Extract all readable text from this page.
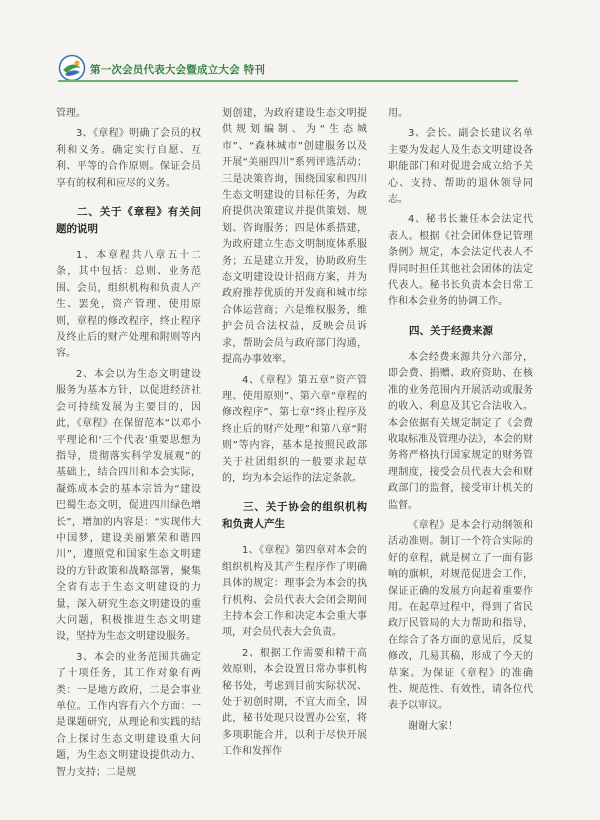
第一次会员代表大会暨成立大会 特刊

管理。

3、《章程》明确了会员的权利和义务。确定实行自愿、互利、平等的合作原则。保证会员享有的权利和应尽的义务。

二、关于《章程》有关问题的说明

1、本章程共八章五十二条，其中包括：总则、业务范围、会员，组织机构和负责人产生、罢免，资产管理、使用原则，章程的修改程序，终止程序及终止后的财产处理和附则等内容。

2、本会以为生态文明建设服务为基本方针，以促进经济社会可持续发展为主要目的，因此，《章程》在保留范本“以邓小平理论和‘三个代表’重要思想为指导，贯彻落实科学发展观”的基础上，结合四川和本会实际，凝炼成本会的基本宗旨为“建设巴蜀生态文明，促进四川绿色增长”，增加的内容是：“实现伟大中国梦，建设美丽繁荣和谐四川”，遵照党和国家生态文明建设的方针政策和战略部署，聚集全省有志于生态文明建设的力量，深入研究生态文明建设的重大问题，积极推进生态文明建设，坚持为生态文明建设服务。

3、本会的业务范围共确定了十项任务，其工作对象有两类：一是地方政府，二是会事业单位。工作内容有六个方面：一是课题研究，从理论和实践的结合上探讨生态文明建设重大问题，为生态文明建设提供动力、智力支持；二是规

划创建，为政府建设生态文明提供规划编制、为“生态城市”、“森林城市”创建服务以及开展“美丽四川”系列评选活动；三是决策咨询，围绕国家和四川生态文明建设的目标任务，为政府提供决策建议并提供策划、规划、咨询服务；四是体系搭建，为政府建立生态文明制度体系服务；五是建立开发，协助政府生态文明建设设计招商方案，并为政府推荐优质的开发商和城市综合体运营商；六是维权服务，维护会员合法权益，反映会员诉求，帮助会员与政府部门沟通，提高办事效率。

4、《章程》第五章“资产管理、使用原则”、第六章“章程的修改程序”、第七章“终止程序及终止后的财产处理”和第八章“附则”等内容，基本是按照民政部关于社团组织的一般要求起草的，均为本会运作的法定条款。

三、关于协会的组织机构和负责人产生

1、《章程》第四章对本会的组织机构及其产生程序作了明确具体的规定：理事会为本会的执行机构、会员代表大会闭会期间主持本会工作和决定本会重大事项，对会员代表大会负责。

2、根据工作需要和精干高效原则，本会设置日常办事机构秘书处，考虑到目前实际状况、处于初创时期，不宜大而全，因此，秘书处现只设置办公室，将多项职能合并，以利于尽快开展工作和发挥作

用。

3、会长、副会长建议名单主要为发起人及生态文明建设各职能部门和对促进会成立给予关心、支持、帮助的退休领导同志。

4、秘书长兼任本会法定代表人。根据《社会团体登记管理条例》规定，本会法定代表人不得同时担任其他社会团体的法定代表人。秘书长负责本会日常工作和本会业务的协调工作。

四、关于经费来源

本会经费来源共分六部分，即会费、捐赠、政府资助、在核准的业务范围内开展活动或服务的收入、利息及其它合法收入。本会依据有关规定制定了《会费收取标准及管理办法》，本会的财务将严格执行国家规定的财务管理制度，接受会员代表大会和财政部门的监督，接受审计机关的监督。

《章程》是本会行动纲领和活动准则。制订一个符合实际的好的章程，就是树立了一面有影响的旗帜，对规范促进会工作，保证正确的发展方向起着重要作用。在起草过程中，得到了省民政厅民管局的大力帮助和指导，在综合了各方面的意见后，反复修改，几易其稿，形成了今天的草案。为保证《章程》的准确性、规范性、有效性，请各位代表予以审议。

谢谢大家！
